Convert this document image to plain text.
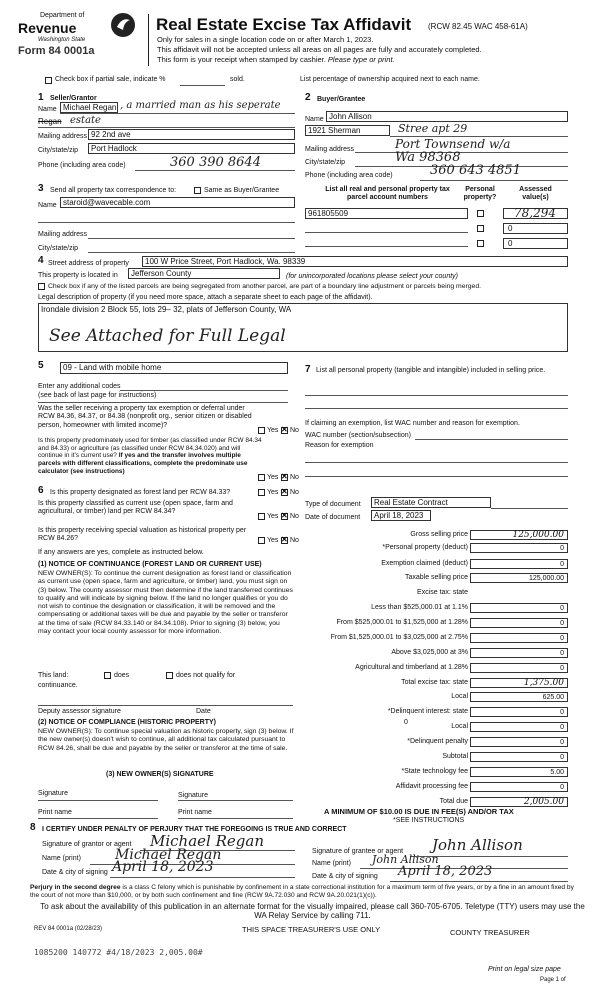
Department of
Revenue
Washington State
Form 84 0001a
Real Estate Excise Tax Affidavit (RCW 82.45 WAC 458-61A)
Only for sales in a single location code on or after March 1, 2023.
This affidavit will not be accepted unless all areas on all pages are fully and accurately completed.
This form is your receipt when stamped by cashier. Please type or print.
Check box if partial sale, indicate %	sold.	List percentage of ownership acquired next to each name.
1 Seller/Grantor
Name Michael Regan , a married man as his seperate
Regan estate
Mailing address 92 2nd ave
City/state/zip Port Hadlock
Phone (including area code)	360 390 8644
2 Buyer/Grantee
Name John Allison
1921 Sherman	Stree apt 29
Mailing address	Port Townsend w/a
City/state/zip	Wa 98368
Phone (including area code)	360 643 4851
3 Send all property tax correspondence to:	Same as Buyer/Grantee
Name staroid@wavecable.com
Mailing address
City/state/zip
List all real and personal property tax parcel account numbers
Personal property?
Assessed value(s)
961805509	78,294
0
0
4 Street address of property 100 W Price Street, Port Hadlock, Wa. 98339
This property is located in Jefferson County	(for unincorporated locations please select your county)
Check box if any of the listed parcels are being segregated from another parcel, are part of a boundary line adjustment or parcels being merged.
Legal description of property (if you need more space, attach a separate sheet to each page of the affidavit).
Irondale division 2 Block 55, lots 29– 32, plats of Jefferson County, WA
See Attached for Full Legal
5 09 - Land with mobile home
Enter any additional codes
(see back of last page for instructions)
Was the seller receiving a property tax exemption or deferral under RCW 84.36, 84.37, or 84.38 (nonprofit org., senior citizen or disabled person, homeowner with limited income)?
Yes ✕ No
Is this property predominately used for timber (as classified under RCW 84.34 and 84.33) or agriculture (as classified under RCW 84.34.020) and will continue in it's current use? If yes and the transfer involves multiple parcels with different classifications, complete the predominate use calculator (see instructions)
Yes ✕ No
7 List all personal property (tangible and intangible) included in selling price.
If claiming an exemption, list WAC number and reason for exemption.
WAC number (section/subsection)
Reason for exemption
6 Is this property designated as forest land per RCW 84.33?	Yes ✕ No
Is this property classified as current use (open space, farm and agricultural, or timber) land per RCW 84.34?
Yes ✕ No
Is this property receiving special valuation as historical property per RCW 84.26?	Yes ✕ No
If any answers are yes, complete as instructed below.
(1) NOTICE OF CONTINUANCE (FOREST LAND OR CURRENT USE)
NEW OWNER(S): To continue the current designation as forest land or classification as current use (open space, farm and agriculture, or timber) land, you must sign on (3) below. The county assessor must then determine if the land transferred continues to qualify and will indicate by signing below. If the land no longer qualifies or you do not wish to continue the designation or classification, it will be removed and the compensating or additional taxes will be due and payable by the seller or transferor at the time of sale (RCW 84.33.140 or 84.34.108). Prior to signing (3) below, you may contact your local county assessor for more information.
This land:	does	does not qualify for
continuance.
Deputy assessor signature	Date
(2) NOTICE OF COMPLIANCE (HISTORIC PROPERTY)
NEW OWNER(S): To continue special valuation as historic property, sign (3) below. If the new owner(s) doesn't wish to continue, all additional tax calculated pursuant to RCW 84.26, shall be due and payable by the seller or transferor at the time of sale.
(3) NEW OWNER(S) SIGNATURE
Signature	Signature
Print name	Print name
Type of document Real Estate Contract
Date of document April 18, 2023
Gross selling price	125,000.00
*Personal property (deduct)	0
Exemption claimed (deduct)	0
Taxable selling price	125,000.00
Excise tax: state
Less than $525,000.01 at 1.1%	0
From $525,000.01 to $1,525,000 at 1.28%	0
From $1,525,000.01 to $3,025,000 at 2.75%	0
Above $3,025,000 at 3%	0
Agricultural and timberland at 1.28%	0
Total excise tax: state	1,375.00
Local	625.00
*Delinquent interest: state	0
Local	0
*Delinquent penalty	0
Subtotal	0
*State technology fee	5.00
Affidavit processing fee	0
Total due	2,005.00
0
A MINIMUM OF $10.00 IS DUE IN FEE(S) AND/OR TAX
*SEE INSTRUCTIONS
8 I CERTIFY UNDER PENALTY OF PERJURY THAT THE FOREGOING IS TRUE AND CORRECT
Signature of grantor or agent Michael Regan
Name (print) Michael Regan
Date & city of signing April 18, 2023
Signature of grantee or agent John Allison
Name (print) John Allison
Date & city of signing April 18, 2023
Perjury in the second degree is a class C felony which is punishable by confinement in a state correctional institution for a maximum term of five years, or by a fine in an amount fixed by the court of not more than $10,000, or by both such confinement and fine (RCW 9A.72.030 and RCW 9A.20.021(1)(c)).
To ask about the availability of this publication in an alternate format for the visually impaired, please call 360-705-6705. Teletype (TTY) users may use the WA Relay Service by calling 711.
REV 84 0001a (02/28/23)	THIS SPACE TREASURER'S USE ONLY	COUNTY TREASURER
1085200 140772 #4/18/2023 2,005.00#
Print on legal size pape
Page 1 of
